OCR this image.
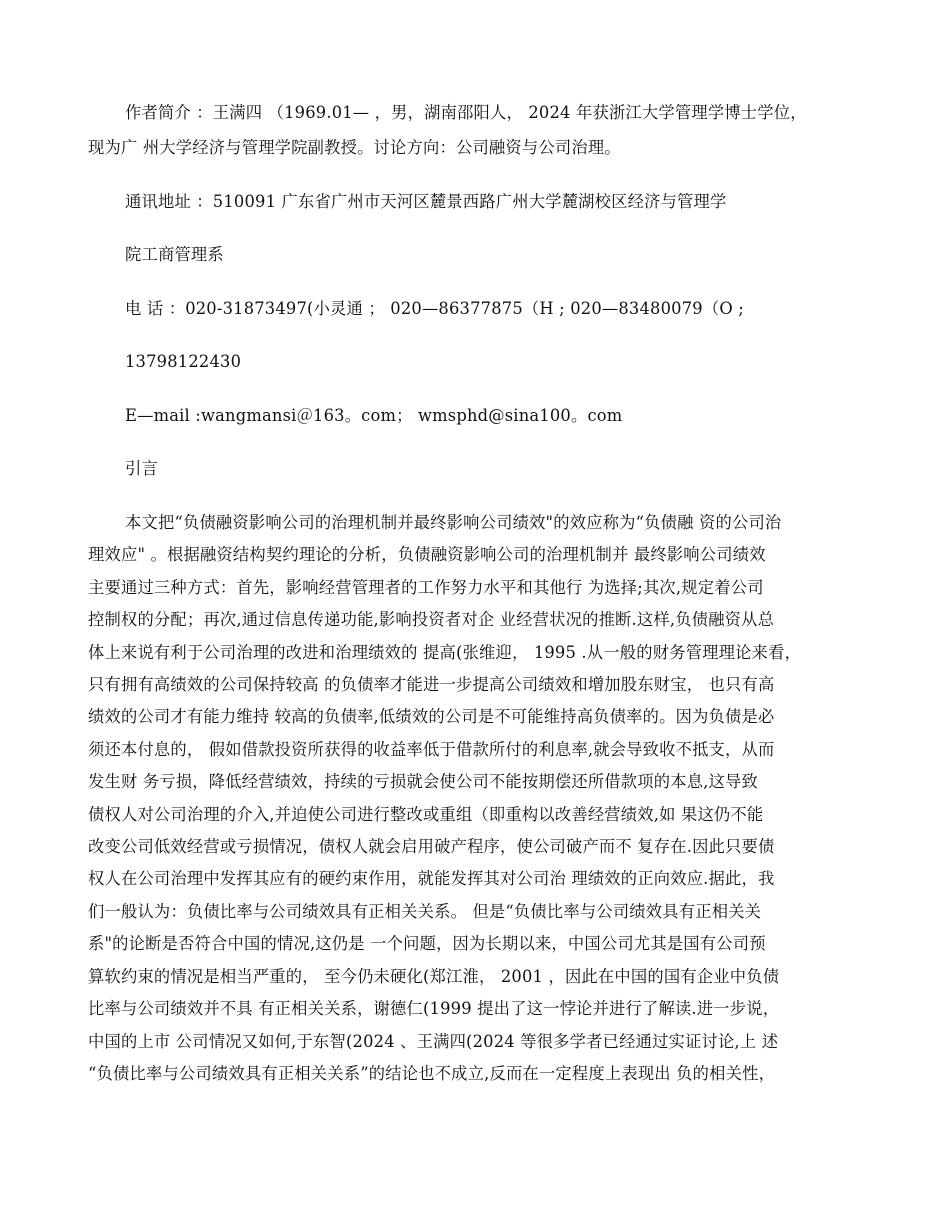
作者简介 ：王满四 （1969.01— ，男，湖南邵阳人， 2024 年获浙江大学管理学博士学位，
现为广 州大学经济与管理学院副教授。讨论方向：公司融资与公司治理。
通讯地址 ：510091 广东省广州市天河区麓景西路广州大学麓湖校区经济与管理学
院工商管理系
电 话 ：020-31873497(小灵通 ； 020—86377875（H ; 020—83480079（O ;
13798122430
E—mail :wangmansi＠163。com； wmsphd@sina100。com
引言
本文把“负债融资影响公司的治理机制并最终影响公司绩效"的效应称为“负债融 资的公司治
理效应" 。根据融资结构契约理论的分析，负债融资影响公司的治理机制并 最终影响公司绩效
主要通过三种方式：首先，影响经营管理者的工作努力水平和其他行 为选择;其次,规定着公司
控制权的分配；再次,通过信息传递功能,影响投资者对企 业经营状况的推断.这样,负债融资从总
体上来说有利于公司治理的改进和治理绩效的 提高(张维迎， 1995 .从一般的财务管理理论来看，
只有拥有高绩效的公司保持较高 的负债率才能进一步提高公司绩效和增加股东财宝， 也只有高
绩效的公司才有能力维持 较高的负债率,低绩效的公司是不可能维持高负债率的。因为负债是必
须还本付息的， 假如借款投资所获得的收益率低于借款所付的利息率,就会导致收不抵支，从而
发生财 务亏损，降低经营绩效，持续的亏损就会使公司不能按期偿还所借款项的本息,这导致
债权人对公司治理的介入,并迫使公司进行整改或重组（即重构以改善经营绩效,如 果这仍不能
改变公司低效经营或亏损情况，债权人就会启用破产程序，使公司破产而不 复存在.因此只要债
权人在公司治理中发挥其应有的硬约束作用，就能发挥其对公司治 理绩效的正向效应.据此，我
们一般认为：负债比率与公司绩效具有正相关关系。 但是“负债比率与公司绩效具有正相关关
系"的论断是否符合中国的情况,这仍是 一个问题，因为长期以来，中国公司尤其是国有公司预
算软约束的情况是相当严重的， 至今仍未硬化(郑江淮， 2001 ，因此在中国的国有企业中负债
比率与公司绩效并不具 有正相关关系，谢德仁(1999 提出了这一悖论并进行了解读.进一步说，
中国的上市 公司情况又如何,于东智(2024 、王满四(2024 等很多学者已经通过实证讨论,上 述
“负债比率与公司绩效具有正相关关系”的结论也不成立,反而在一定程度上表现出 负的相关性，
